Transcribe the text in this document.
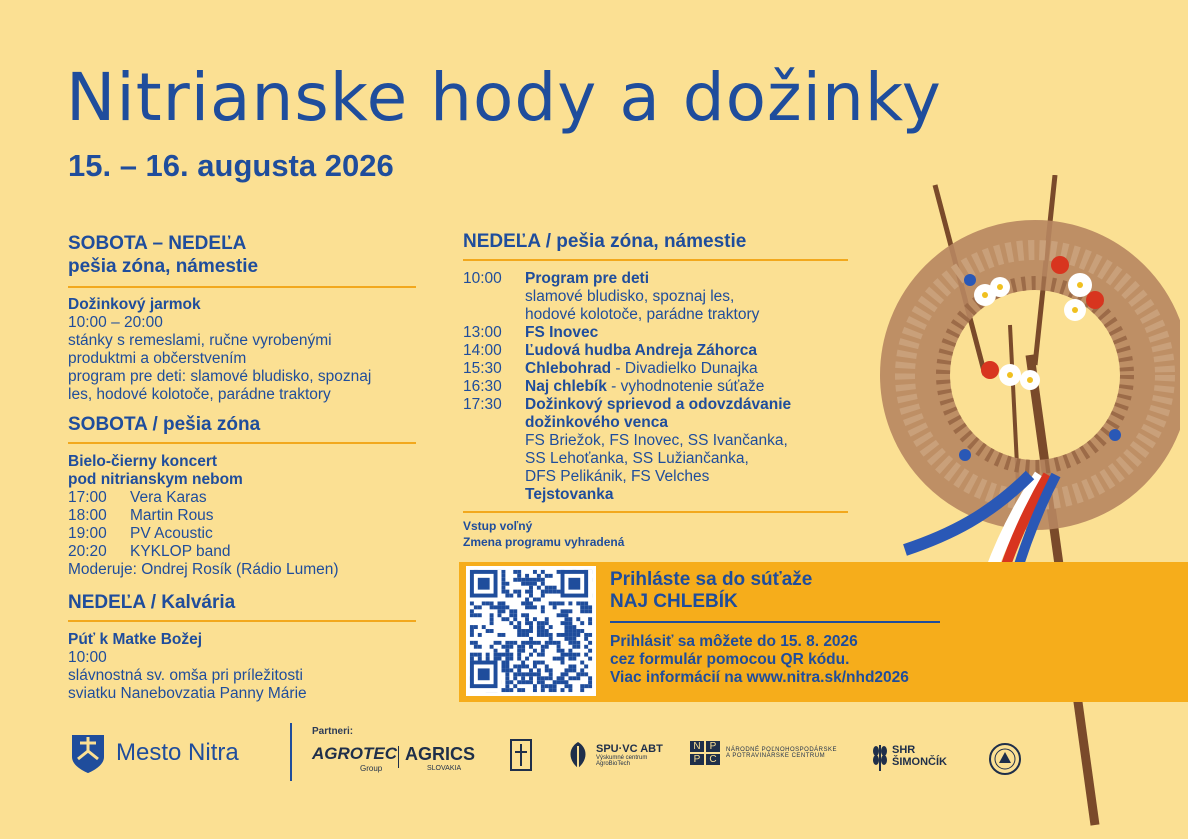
Nitrianske hody a dožinky
15. – 16. augusta 2026
SOBOTA – NEDEĽA
pešia zóna, námestie
Dožinkový jarmok
10:00 – 20:00
stánky s remeslami, ručne vyrobenými
produktmi a občerstvením
program pre deti: slamové bludisko, spoznaj
les, hodové kolotoče, parádne traktory
SOBOTA / pešia zóna
Bielo-čierny koncert
pod nitrianskym nebom
17:00	Vera Karas
18:00	Martin Rous
19:00	PV Acoustic
20:20	KYKLOP band
Moderuje: Ondrej Rosík (Rádio Lumen)
NEDEĽA / Kalvária
Púť k Matke Božej
10:00
slávnostná sv. omša pri príležitosti
sviatku Nanebovzatia Panny Márie
NEDEĽA / pešia zóna, námestie
10:00	Program pre deti
slamové bludisko, spoznaj les,
hodové kolotoče, parádne traktory
13:00	FS Inovec
14:00	Ľudová hudba Andreja Záhorca
15:30	Chlebohrad - Divadielko Dunajka
16:30	Naj chlebík - vyhodnotenie súťaže
17:30	Dožinkový sprievod a odovzdávanie
dožinkového venca
FS Briežok, FS Inovec, SS Ivančanka,
SS Lehoťanka, SS Lužiančanka,
DFS Pelikánik, FS Velches
Tejstovanka
Vstup voľný
Zmena programu vyhradená
Prihláste sa do súťaže
NAJ CHLEBÍK
Prihlásiť sa môžete do 15. 8. 2026
cez formulár pomocou QR kódu.
Viac informácií na www.nitra.sk/nhd2026
Mesto Nitra
Partneri:
AGROTEC
Group
AGRICS
SLOVAKIA
SPU·VC ABT
Výskumné centrum
AgroBioTech
N P
P C
NÁRODNÉ POĽNOHOSPODÁRSKE
A POTRAVINÁRSKE CENTRUM	SHR
ŠIMONČÍK
